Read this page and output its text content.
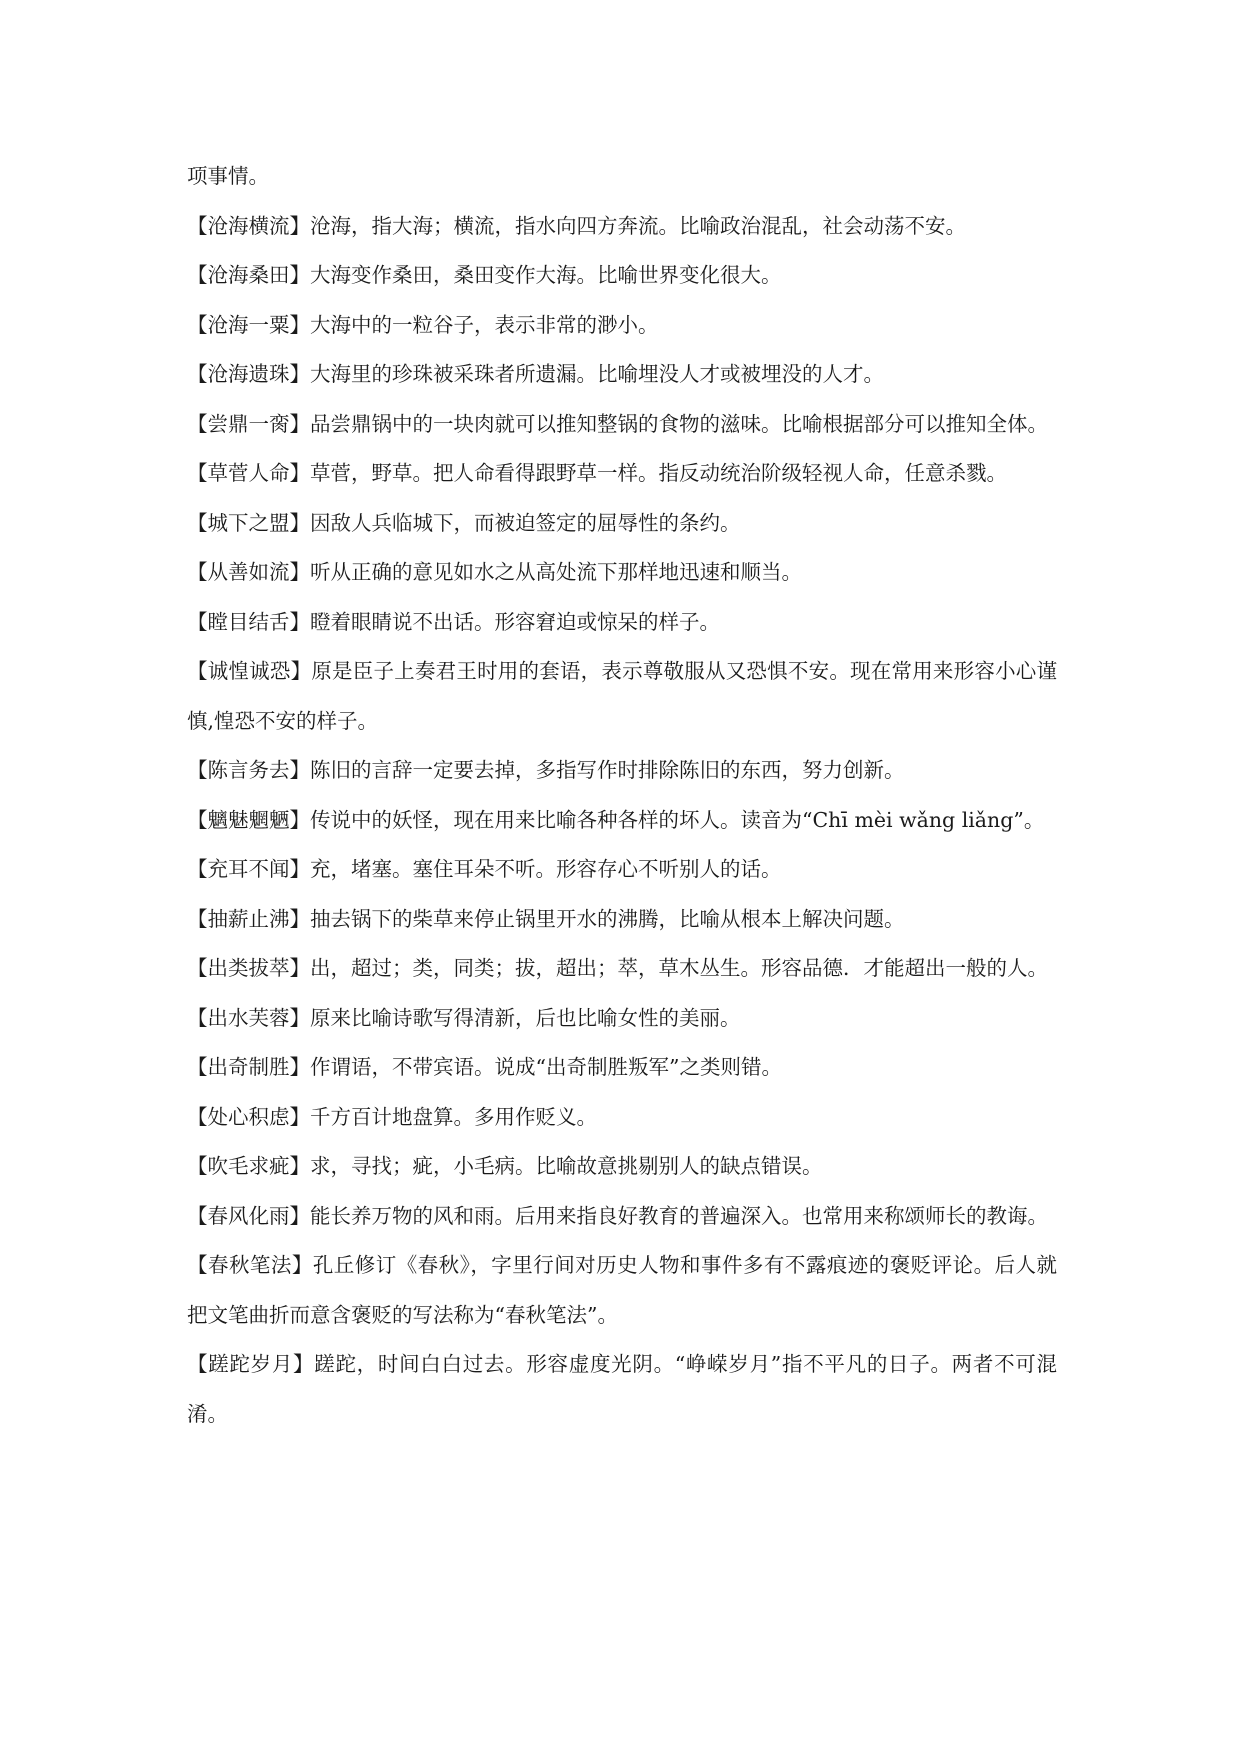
项事情。

【沧海横流】沧海，指大海；横流，指水向四方奔流。比喻政治混乱，社会动荡不安。

【沧海桑田】大海变作桑田，桑田变作大海。比喻世界变化很大。

【沧海一粟】大海中的一粒谷子，表示非常的渺小。

【沧海遗珠】大海里的珍珠被采珠者所遗漏。比喻埋没人才或被埋没的人才。

【尝鼎一脔】品尝鼎锅中的一块肉就可以推知整锅的食物的滋味。比喻根据部分可以推知全体。

【草菅人命】草菅，野草。把人命看得跟野草一样。指反动统治阶级轻视人命，任意杀戮。

【城下之盟】因敌人兵临城下，而被迫签定的屈辱性的条约。

【从善如流】听从正确的意见如水之从高处流下那样地迅速和顺当。

【瞠目结舌】瞪着眼睛说不出话。形容窘迫或惊呆的样子。

【诚惶诚恐】原是臣子上奏君王时用的套语，表示尊敬服从又恐惧不安。现在常用来形容小心谨慎,惶恐不安的样子。

【陈言务去】陈旧的言辞一定要去掉，多指写作时排除陈旧的东西，努力创新。

【魑魅魍魉】传说中的妖怪，现在用来比喻各种各样的坏人。读音为“Chī mèi wǎng liǎng”。

【充耳不闻】充，堵塞。塞住耳朵不听。形容存心不听别人的话。

【抽薪止沸】抽去锅下的柴草来停止锅里开水的沸腾，比喻从根本上解决问题。

【出类拔萃】出，超过；类，同类；拔，超出；萃，草木丛生。形容品德．才能超出一般的人。

【出水芙蓉】原来比喻诗歌写得清新，后也比喻女性的美丽。

【出奇制胜】作谓语，不带宾语。说成“出奇制胜叛军”之类则错。

【处心积虑】千方百计地盘算。多用作贬义。

【吹毛求疵】求，寻找；疵，小毛病。比喻故意挑剔别人的缺点错误。

【春风化雨】能长养万物的风和雨。后用来指良好教育的普遍深入。也常用来称颂师长的教诲。

【春秋笔法】孔丘修订《春秋》，字里行间对历史人物和事件多有不露痕迹的褒贬评论。后人就把文笔曲折而意含褒贬的写法称为“春秋笔法”。

【蹉跎岁月】蹉跎，时间白白过去。形容虚度光阴。“峥嵘岁月”指不平凡的日子。两者不可混淆。
